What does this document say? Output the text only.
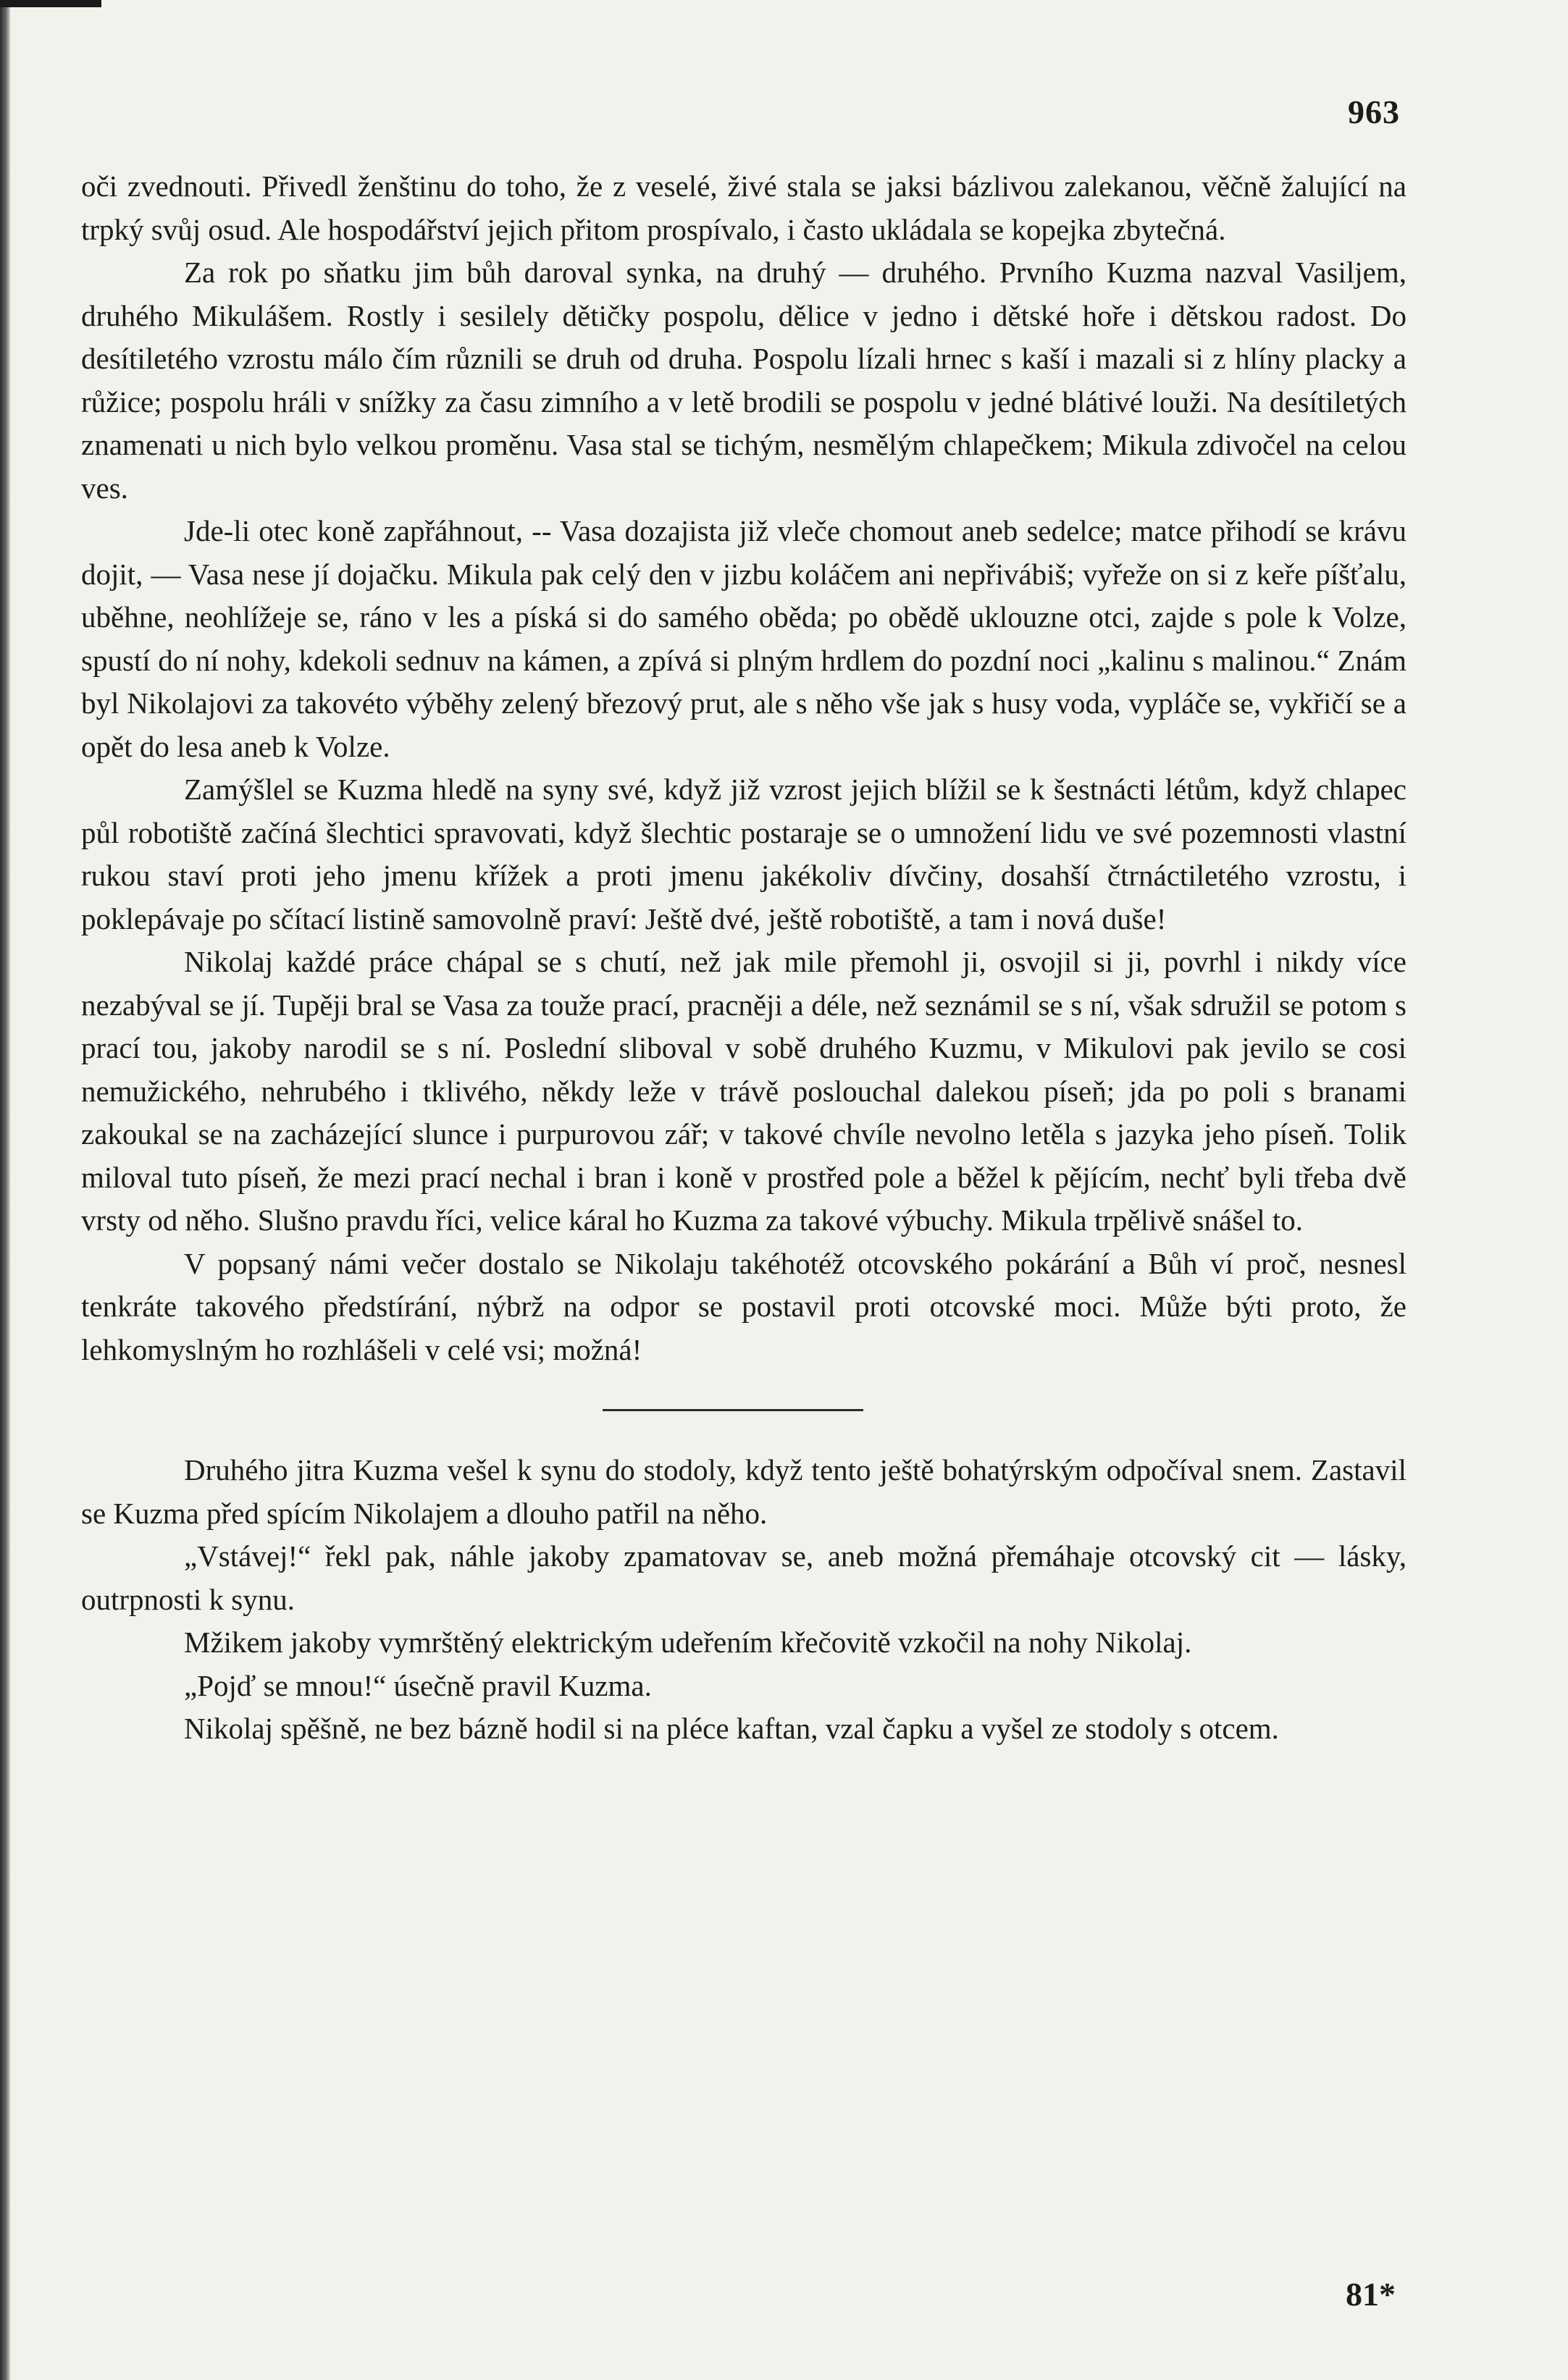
963

oči zvednouti. Přivedl ženštinu do toho, že z veselé, živé stala se jaksi bázlivou zalekanou, věčně žalující na trpký svůj osud. Ale hospodářství jejich přitom prospívalo, i často ukládala se kopejka zbytečná.

Za rok po sňatku jim bůh daroval synka, na druhý — druhého. Prvního Kuzma nazval Vasiljem, druhého Mikulášem. Rostly i sesilely dětičky pospolu, dělice v jedno i dětské hoře i dětskou radost. Do desítiletého vzrostu málo čím různili se druh od druha. Pospolu lízali hrnec s kaší i mazali si z hlíny placky a růžice; pospolu hráli v snížky za času zimního a v letě brodili se pospolu v jedné blátivé louži. Na desítiletých znamenati u nich bylo velkou proměnu. Vasa stal se tichým, nesmělým chlapečkem; Mikula zdivočel na celou ves.

Jde-li otec koně zapřáhnout, -- Vasa dozajista již vleče chomout aneb sedelce; matce přihodí se krávu dojit, — Vasa nese jí dojačku. Mikula pak celý den v jizbu koláčem ani nepřivábiš; vyřeže on si z keře píšťalu, uběhne, neohlížeje se, ráno v les a píská si do samého oběda; po obědě uklouzne otci, zajde s pole k Volze, spustí do ní nohy, kdekoli sednuv na kámen, a zpívá si plným hrdlem do pozdní noci „kalinu s malinou.“ Znám byl Nikolajovi za takovéto výběhy zelený březový prut, ale s něho vše jak s husy voda, vypláče se, vykřičí se a opět do lesa aneb k Volze.

Zamýšlel se Kuzma hledě na syny své, když již vzrost jejich blížil se k šestnácti létům, když chlapec půl robotiště začíná šlechtici spravovati, když šlechtic postaraje se o umnožení lidu ve své pozemnosti vlastní rukou staví proti jeho jmenu křížek a proti jmenu jakékoliv dívčiny, dosahší čtrnáctiletého vzrostu, i poklepávaje po sčítací listině samovolně praví: Ještě dvé, ještě robotiště, a tam i nová duše!

Nikolaj každé práce chápal se s chutí, než jak mile přemohl ji, osvojil si ji, povrhl i nikdy více nezabýval se jí. Tupěji bral se Vasa za touže prací, pracněji a déle, než seznámil se s ní, však sdružil se potom s prací tou, jakoby narodil se s ní. Poslední sliboval v sobě druhého Kuzmu, v Mikulovi pak jevilo se cosi nemužického, nehrubého i tklivého, někdy leže v trávě poslouchal dalekou píseň; jda po poli s branami zakoukal se na zacházející slunce i purpurovou zář; v takové chvíle nevolno letěla s jazyka jeho píseň. Tolik miloval tuto píseň, že mezi prací nechal i bran i koně v prostřed pole a běžel k pějícím, nechť byli třeba dvě vrsty od něho. Slušno pravdu říci, velice káral ho Kuzma za takové výbuchy. Mikula trpělivě snášel to.

V popsaný námi večer dostalo se Nikolaju takéhotéž otcovského pokárání a Bůh ví proč, nesnesl tenkráte takového předstírání, nýbrž na odpor se postavil proti otcovské moci. Může býti proto, že lehkomyslným ho rozhlášeli v celé vsi; možná!

Druhého jitra Kuzma vešel k synu do stodoly, když tento ještě bohatýrským odpočíval snem. Zastavil se Kuzma před spícím Nikolajem a dlouho patřil na něho.

„Vstávej!“ řekl pak, náhle jakoby zpamatovav se, aneb možná přemáhaje otcovský cit — lásky, outrpnosti k synu.

Mžikem jakoby vymrštěný elektrickým udeřením křečovitě vzkočil na nohy Nikolaj.

„Pojď se mnou!“ úsečně pravil Kuzma.

Nikolaj spěšně, ne bez bázně hodil si na pléce kaftan, vzal čapku a vyšel ze stodoly s otcem.

81*
